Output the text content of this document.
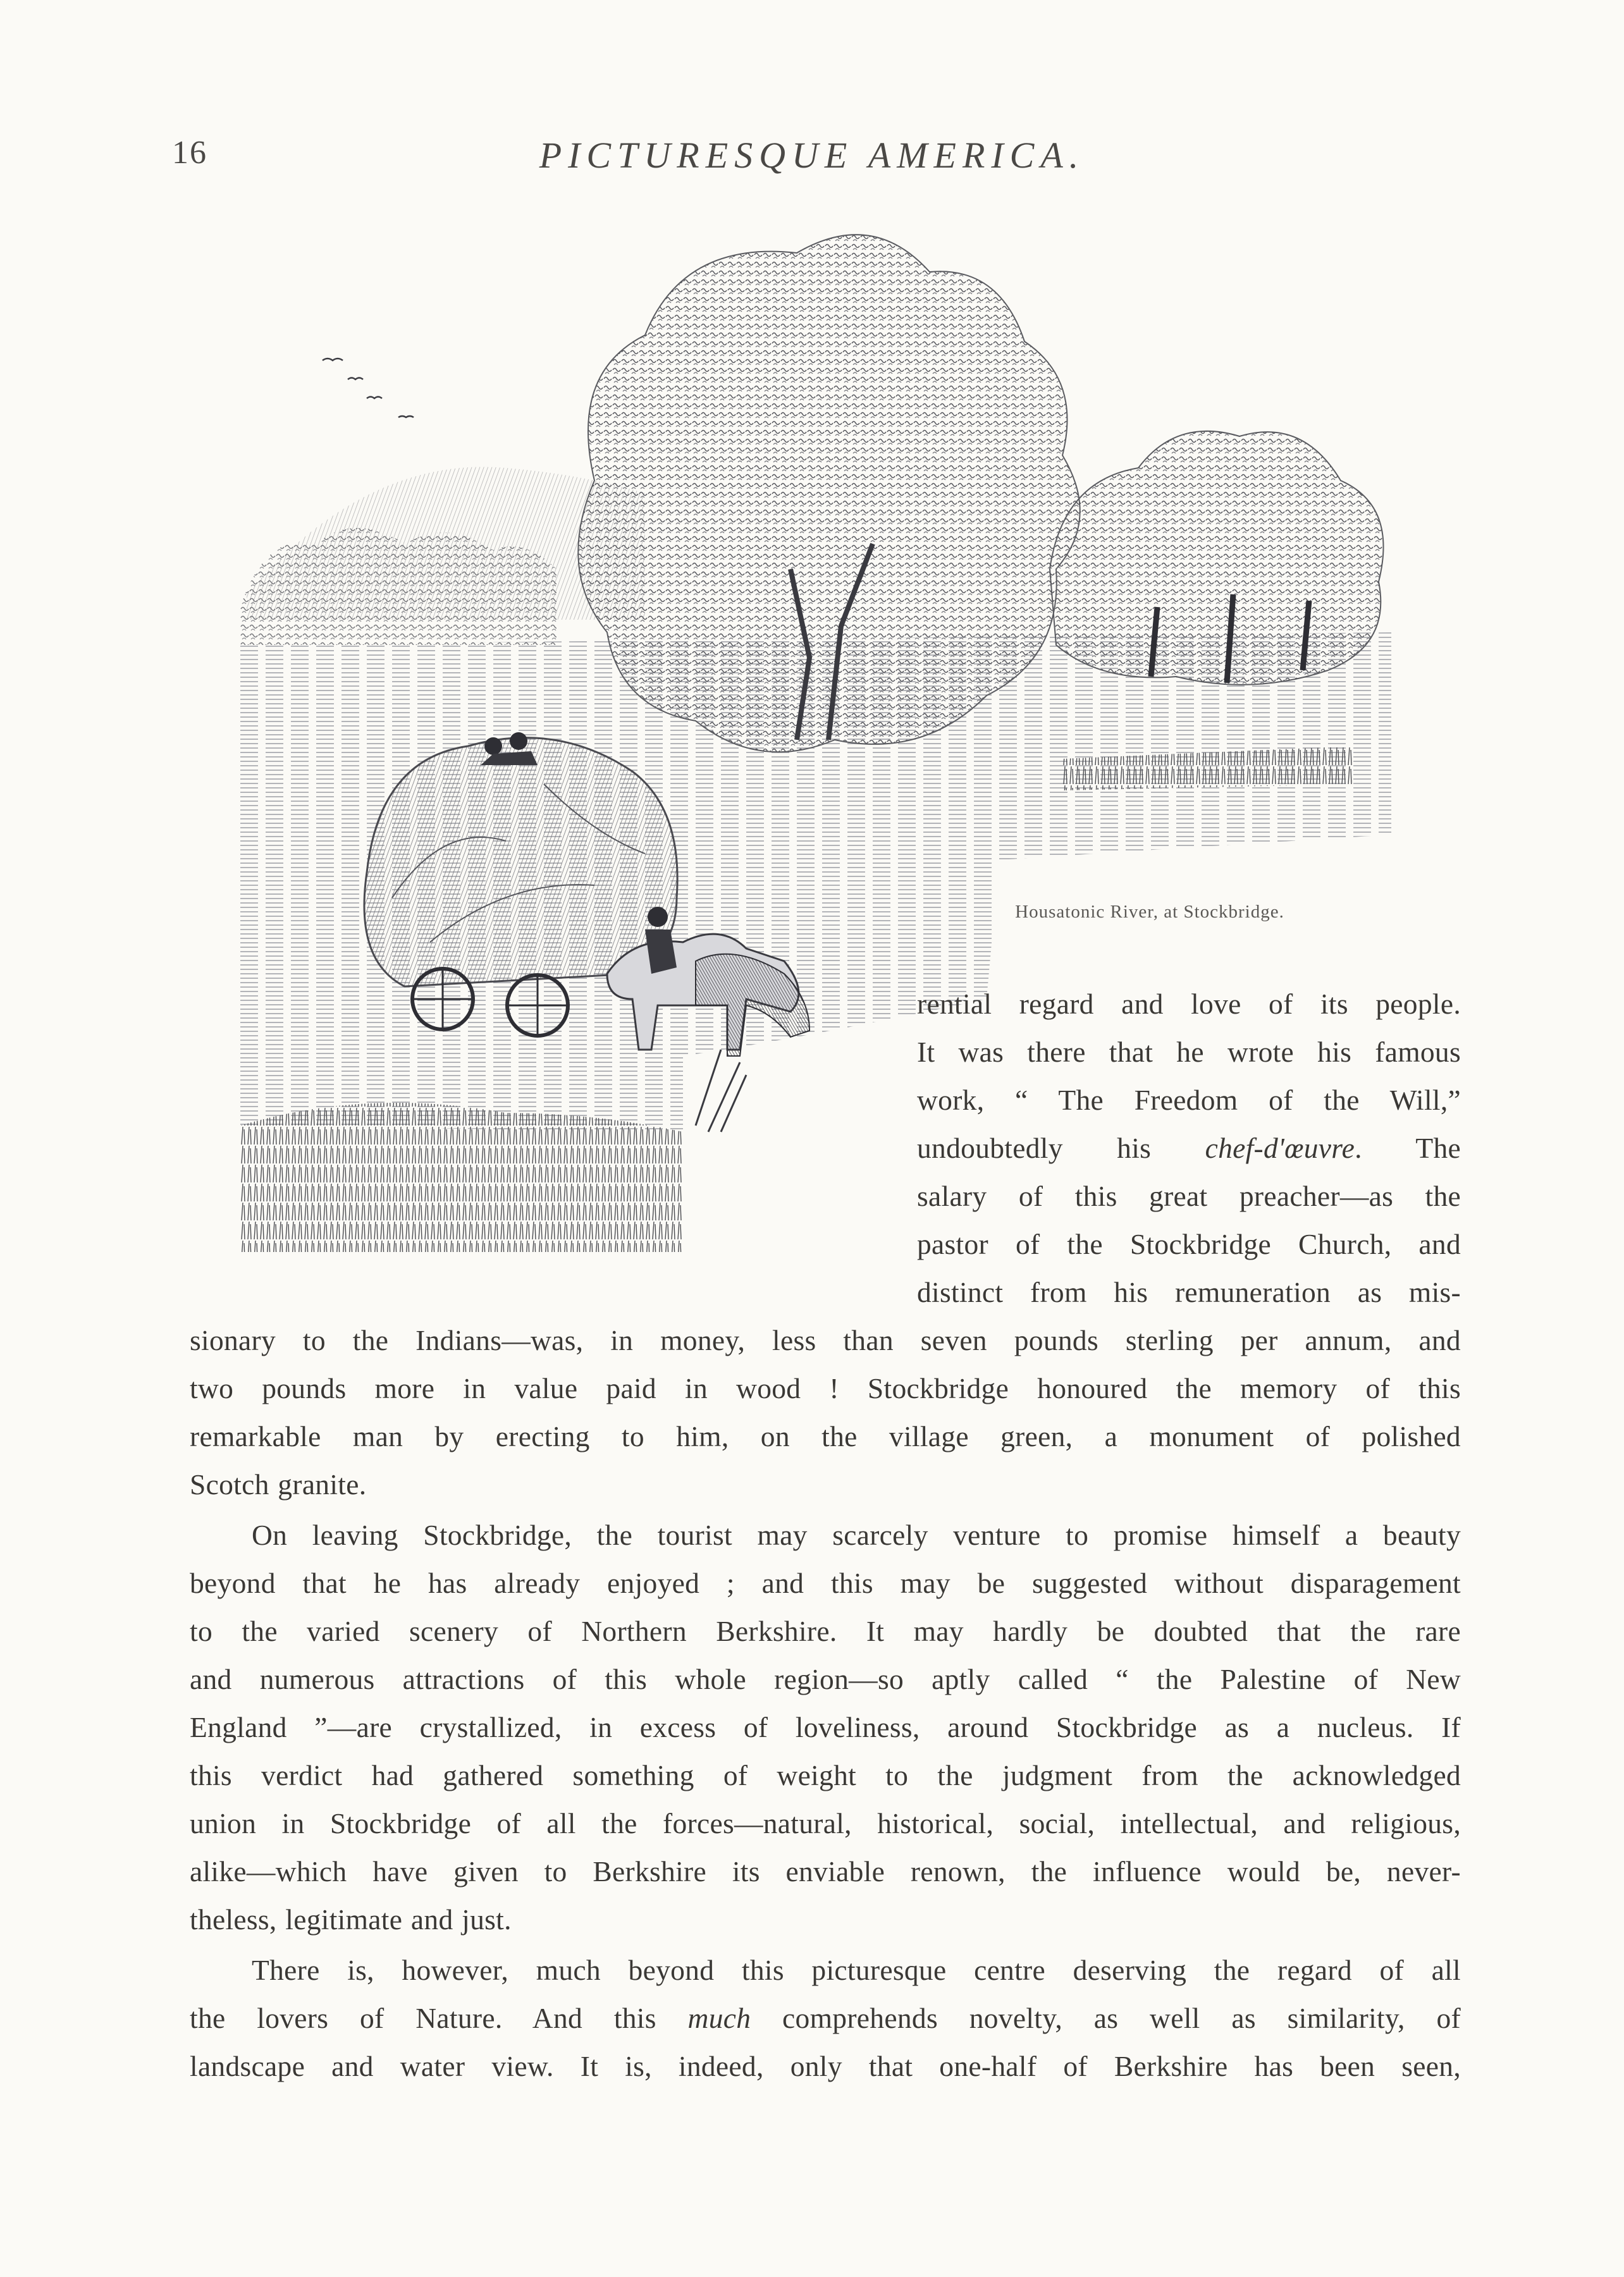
16	PICTURESQUE AMERICA.
Housatonic River, at Stockbridge.
rential regard and love of its people.
It was there that he wrote his famous
work, “ The Freedom of the Will,”
undoubtedly his chef-d'œuvre. The
salary of this great preacher—as the
pastor of the Stockbridge Church, and
distinct from his remuneration as mis-
sionary to the Indians—was, in money, less than seven pounds sterling per annum, and
two pounds more in value paid in wood ! Stockbridge honoured the memory of this
remarkable man by erecting to him, on the village green, a monument of polished
Scotch granite.
On leaving Stockbridge, the tourist may scarcely venture to promise himself a beauty
beyond that he has already enjoyed ; and this may be suggested without disparagement
to the varied scenery of Northern Berkshire. It may hardly be doubted that the rare
and numerous attractions of this whole region—so aptly called “ the Palestine of New
England ”—are crystallized, in excess of loveliness, around Stockbridge as a nucleus. If
this verdict had gathered something of weight to the judgment from the acknowledged
union in Stockbridge of all the forces—natural, historical, social, intellectual, and religious,
alike—which have given to Berkshire its enviable renown, the influence would be, never-
theless, legitimate and just.
There is, however, much beyond this picturesque centre deserving the regard of all
the lovers of Nature. And this much comprehends novelty, as well as similarity, of
landscape and water view. It is, indeed, only that one-half of Berkshire has been seen,
